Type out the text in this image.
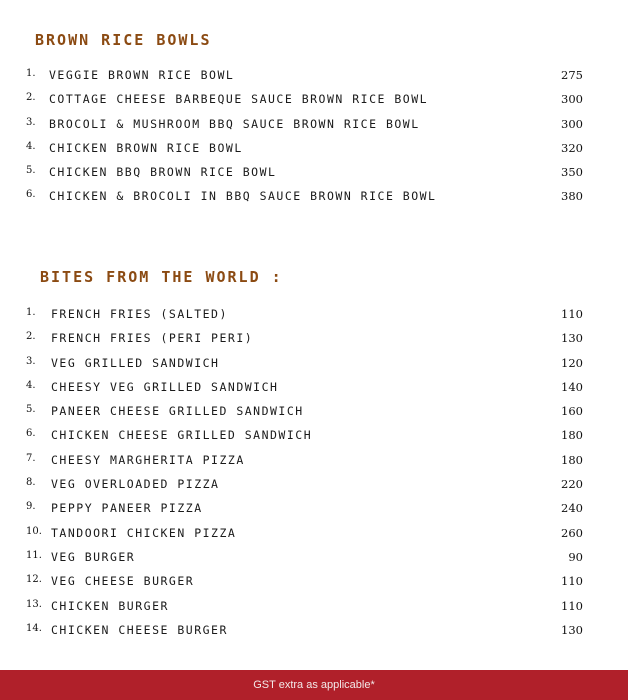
BROWN RICE BOWLS
1. VEGGIE BROWN RICE BOWL	275
2. COTTAGE CHEESE BARBEQUE SAUCE BROWN RICE BOWL	300
3. BROCOLI & MUSHROOM BBQ SAUCE BROWN RICE BOWL	300
4. CHICKEN BROWN RICE BOWL	320
5. CHICKEN BBQ BROWN RICE BOWL	350
6. CHICKEN & BROCOLI IN BBQ SAUCE BROWN RICE BOWL	380
BITES FROM THE WORLD :
1. FRENCH FRIES (SALTED)	110
2. FRENCH FRIES (PERI PERI)	130
3. VEG GRILLED SANDWICH	120
4. CHEESY VEG GRILLED SANDWICH	140
5. PANEER CHEESE GRILLED SANDWICH	160
6. CHICKEN CHEESE GRILLED SANDWICH	180
7. CHEESY MARGHERITA PIZZA	180
8. VEG OVERLOADED PIZZA	220
9. PEPPY PANEER PIZZA	240
10. TANDOORI CHICKEN PIZZA	260
11. VEG BURGER	90
12. VEG CHEESE BURGER	110
13. CHICKEN BURGER	110
14. CHICKEN CHEESE BURGER	130
GST extra as applicable*
